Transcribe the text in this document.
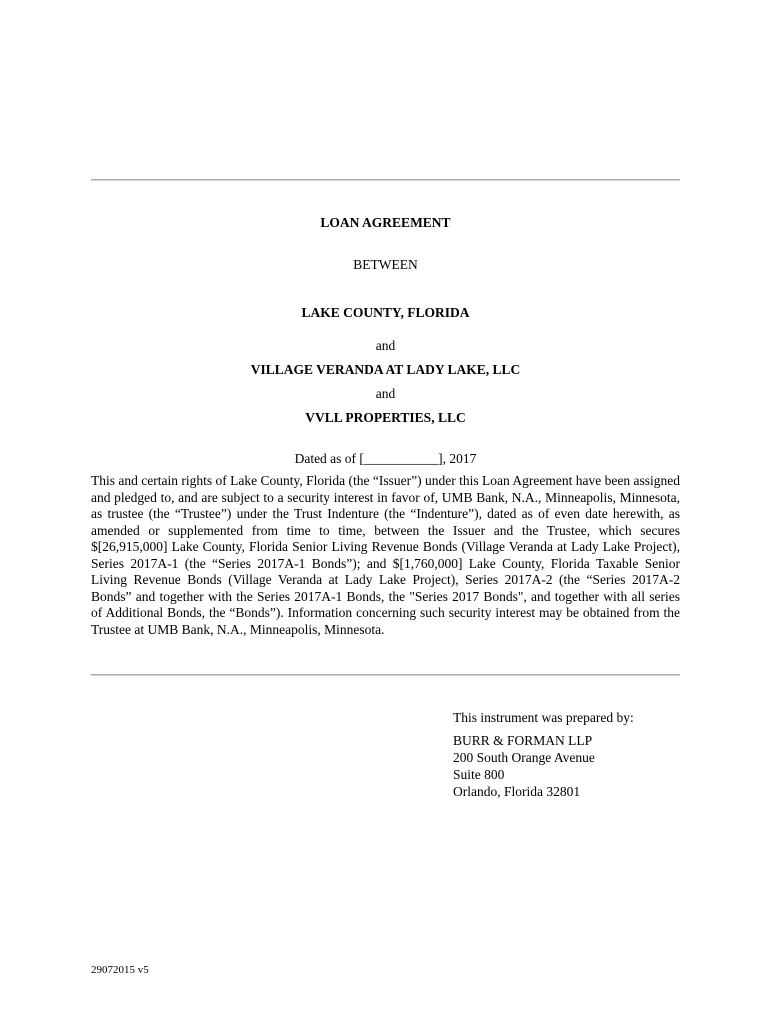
LOAN AGREEMENT
BETWEEN
LAKE COUNTY, FLORIDA
and
VILLAGE VERANDA AT LADY LAKE, LLC
and
VVLL PROPERTIES, LLC
Dated as of [___________], 2017

This and certain rights of Lake County, Florida (the “Issuer”) under this Loan Agreement have been assigned and pledged to, and are subject to a security interest in favor of, UMB Bank, N.A., Minneapolis, Minnesota, as trustee (the “Trustee”) under the Trust Indenture (the “Indenture”), dated as of even date herewith, as amended or supplemented from time to time, between the Issuer and the Trustee, which secures $[26,915,000] Lake County, Florida Senior Living Revenue Bonds (Village Veranda at Lady Lake Project), Series 2017A-1 (the “Series 2017A-1 Bonds”); and $[1,760,000] Lake County, Florida Taxable Senior Living Revenue Bonds (Village Veranda at Lady Lake Project), Series 2017A-2 (the “Series 2017A-2 Bonds” and together with the Series 2017A-1 Bonds, the "Series 2017 Bonds", and together with all series of Additional Bonds, the “Bonds”). Information concerning such security interest may be obtained from the Trustee at UMB Bank, N.A., Minneapolis, Minnesota.

This instrument was prepared by:
BURR & FORMAN LLP
200 South Orange Avenue
Suite 800
Orlando, Florida 32801
29072015 v5
